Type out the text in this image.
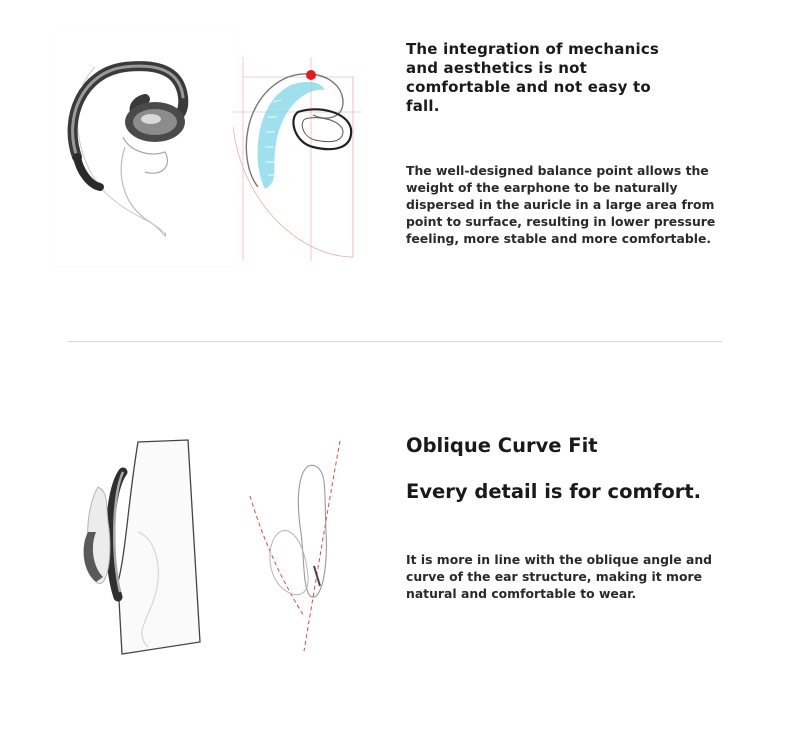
The integration of mechanics and aesthetics is not comfortable and not easy to fall.
The well-designed balance point allows the weight of the earphone to be naturally dispersed in the auricle in a large area from point to surface, resulting in lower pressure feeling, more stable and more comfortable.
Oblique Curve Fit
Every detail is for comfort.
It is more in line with the oblique angle and curve of the ear structure, making it more natural and comfortable to wear.
